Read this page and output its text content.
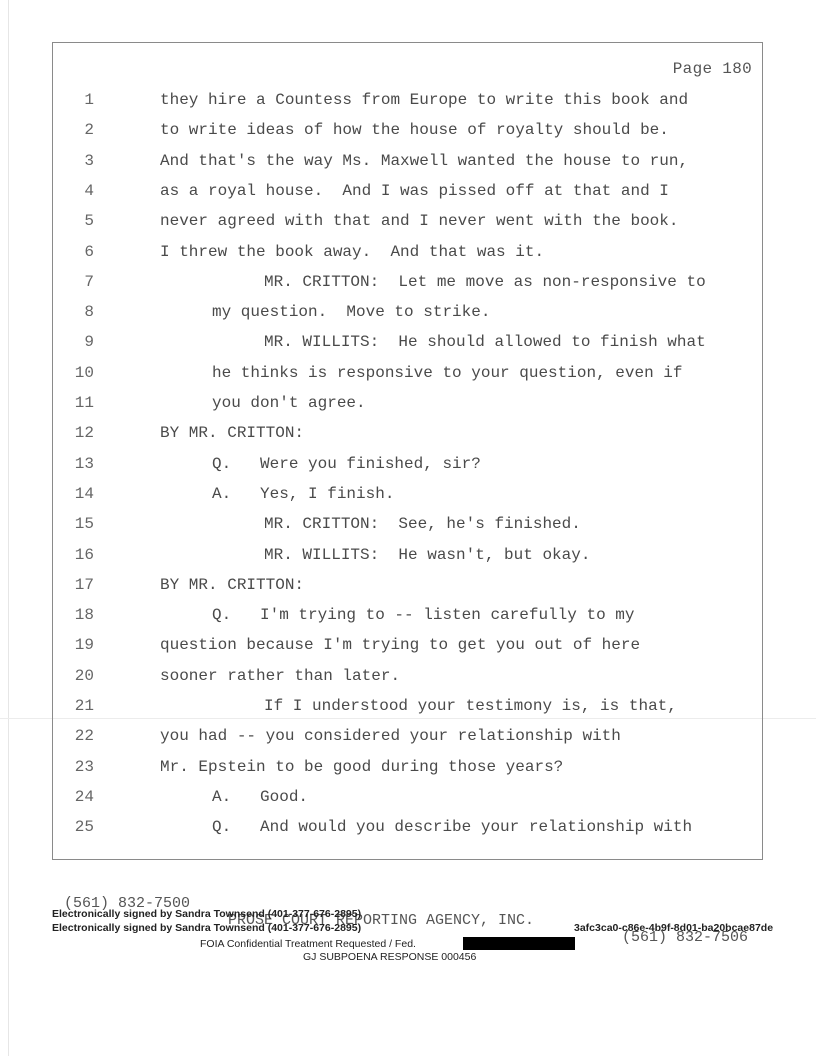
Page 180
1	they hire a Countess from Europe to write this book and
2	to write ideas of how the house of royalty should be.
3	And that's the way Ms. Maxwell wanted the house to run,
4	as a royal house.  And I was pissed off at that and I
5	never agreed with that and I never went with the book.
6	I threw the book away.  And that was it.
7	MR. CRITTON:  Let me move as non-responsive to
8	my question.  Move to strike.
9	MR. WILLITS:  He should allowed to finish what
10	he thinks is responsive to your question, even if
11	you don't agree.
12	BY MR. CRITTON:
13	Q.   Were you finished, sir?
14	A.   Yes, I finish.
15	MR. CRITTON:  See, he's finished.
16	MR. WILLITS:  He wasn't, but okay.
17	BY MR. CRITTON:
18	Q.   I'm trying to -- listen carefully to my
19	question because I'm trying to get you out of here
20	sooner rather than later.
21	If I understood your testimony is, is that,
22	you had -- you considered your relationship with
23	Mr. Epstein to be good during those years?
24	A.   Good.
25	Q.   And would you describe your relationship with

(561) 832-7500

PROSE COURT REPORTING AGENCY, INC.

(561) 832-7506

Electronically signed by Sandra Townsend (401-377-676-2895)
Electronically signed by Sandra Townsend (401-377-676-2895)	3afc3ca0-c86e-4b9f-8d01-ba20bcae87de
FOIA Confidential Treatment Requested / Fed.
GJ SUBPOENA RESPONSE 000456
